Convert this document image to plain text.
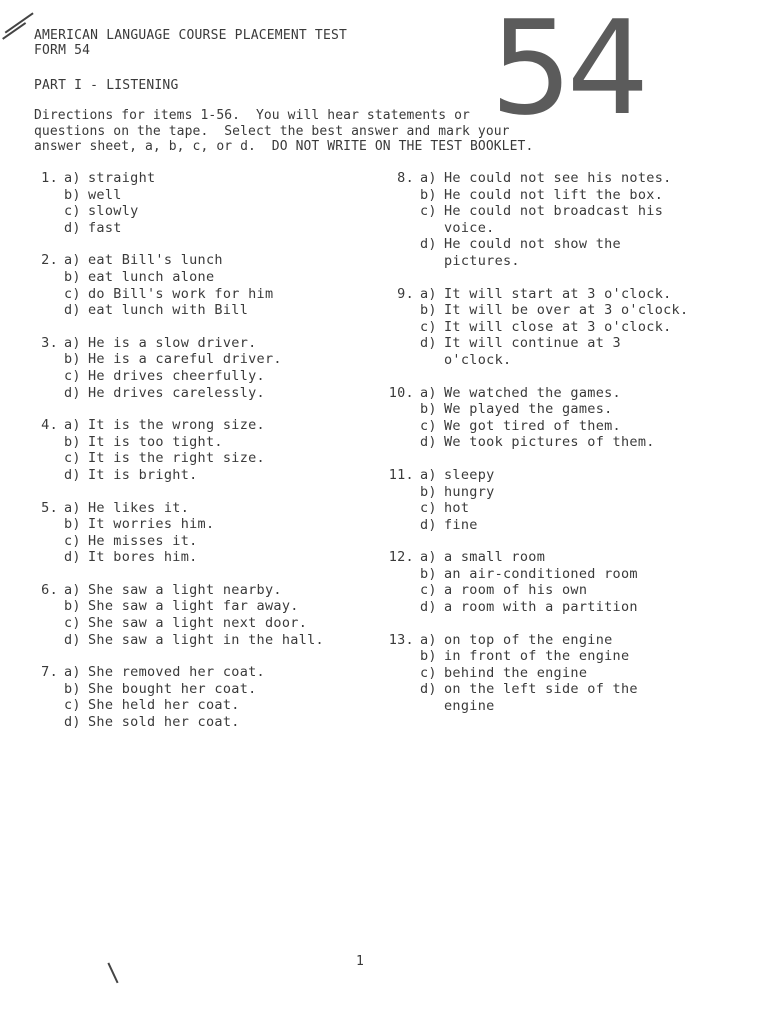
AMERICAN LANGUAGE COURSE PLACEMENT TEST
FORM 54	54
PART I - LISTENING
Directions for items 1-56.  You will hear statements or
questions on the tape.  Select the best answer and mark your
answer sheet, a, b, c, or d.  DO NOT WRITE ON THE TEST BOOKLET.
1. a) straight
b) well
c) slowly
d) fast
2. a) eat Bill's lunch
b) eat lunch alone
c) do Bill's work for him
d) eat lunch with Bill
3. a) He is a slow driver.
b) He is a careful driver.
c) He drives cheerfully.
d) He drives carelessly.
4. a) It is the wrong size.
b) It is too tight.
c) It is the right size.
d) It is bright.
5. a) He likes it.
b) It worries him.
c) He misses it.
d) It bores him.
6. a) She saw a light nearby.
b) She saw a light far away.
c) She saw a light next door.
d) She saw a light in the hall.
7. a) She removed her coat.
b) She bought her coat.
c) She held her coat.
d) She sold her coat.
8. a) He could not see his notes.
b) He could not lift the box.
c) He could not broadcast his voice.
d) He could not show the pictures.
9. a) It will start at 3 o'clock.
b) It will be over at 3 o'clock.
c) It will close at 3 o'clock.
d) It will continue at 3 o'clock.
10. a) We watched the games.
b) We played the games.
c) We got tired of them.
d) We took pictures of them.
11. a) sleepy
b) hungry
c) hot
d) fine
12. a) a small room
b) an air-conditioned room
c) a room of his own
d) a room with a partition
13. a) on top of the engine
b) in front of the engine
c) behind the engine
d) on the left side of the engine
1
